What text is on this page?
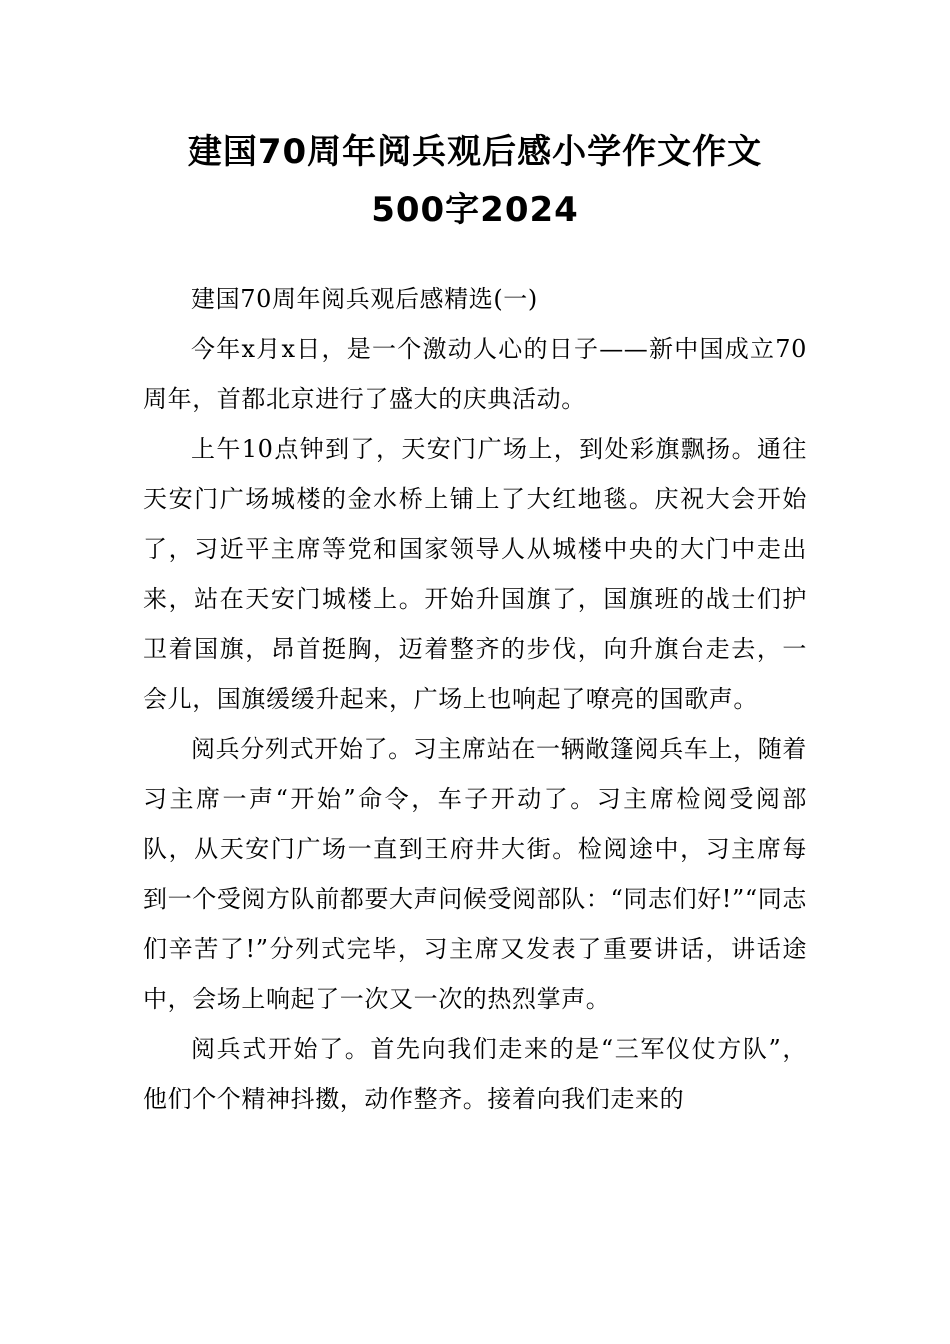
建国70周年阅兵观后感小学作文作文
500字2024

建国70周年阅兵观后感精选(一)

今年x月x日，是一个激动人心的日子——新中国成立70周年，首都北京进行了盛大的庆典活动。

上午10点钟到了，天安门广场上，到处彩旗飘扬。通往天安门广场城楼的金水桥上铺上了大红地毯。庆祝大会开始了，习近平主席等党和国家领导人从城楼中央的大门中走出来，站在天安门城楼上。开始升国旗了，国旗班的战士们护卫着国旗，昂首挺胸，迈着整齐的步伐，向升旗台走去，一会儿，国旗缓缓升起来，广场上也响起了嘹亮的国歌声。

阅兵分列式开始了。习主席站在一辆敞篷阅兵车上，随着习主席一声“开始”命令，车子开动了。习主席检阅受阅部队，从天安门广场一直到王府井大街。检阅途中，习主席每到一个受阅方队前都要大声问候受阅部队：“同志们好!”“同志们辛苦了!”分列式完毕，习主席又发表了重要讲话，讲话途中，会场上响起了一次又一次的热烈掌声。

阅兵式开始了。首先向我们走来的是“三军仪仗方队”，他们个个精神抖擞，动作整齐。接着向我们走来的
